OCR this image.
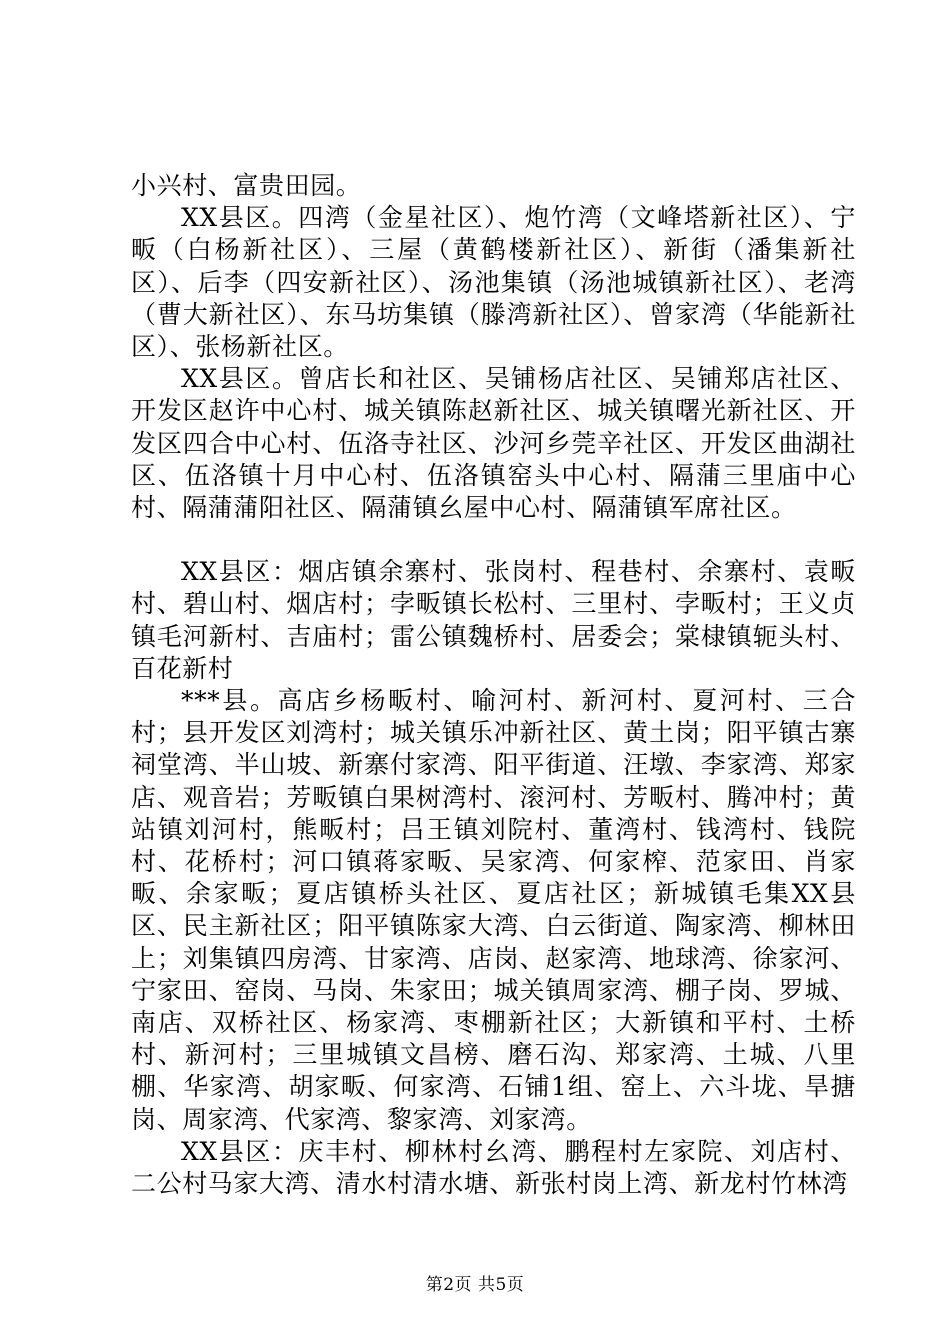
小兴村、富贵田园。

XX县区。四湾（金星社区）、炮竹湾（文峰塔新社区）、宁畈（白杨新社区）、三屋（黄鹤楼新社区）、新街（潘集新社区）、后李（四安新社区）、汤池集镇（汤池城镇新社区）、老湾（曹大新社区）、东马坊集镇（滕湾新社区）、曾家湾（华能新社区）、张杨新社区。

XX县区。曾店长和社区、吴铺杨店社区、吴铺郑店社区、开发区赵许中心村、城关镇陈赵新社区、城关镇曙光新社区、开发区四合中心村、伍洛寺社区、沙河乡莞辛社区、开发区曲湖社区、伍洛镇十月中心村、伍洛镇窑头中心村、隔蒲三里庙中心村、隔蒲蒲阳社区、隔蒲镇幺屋中心村、隔蒲镇军席社区。

XX县区：烟店镇余寨村、张岗村、程巷村、余寨村、袁畈村、碧山村、烟店村；孛畈镇长松村、三里村、孛畈村；王义贞镇毛河新村、吉庙村；雷公镇魏桥村、居委会；棠棣镇轭头村、百花新村

***县。高店乡杨畈村、喻河村、新河村、夏河村、三合村；县开发区刘湾村；城关镇乐冲新社区、黄土岗；阳平镇古寨祠堂湾、半山坡、新寨付家湾、阳平街道、汪墩、李家湾、郑家店、观音岩；芳畈镇白果树湾村、滚河村、芳畈村、腾冲村；黄站镇刘河村，熊畈村；吕王镇刘院村、董湾村、钱湾村、钱院村、花桥村；河口镇蒋家畈、吴家湾、何家榨、范家田、肖家畈、余家畈；夏店镇桥头社区、夏店社区；新城镇毛集XX县区、民主新社区；阳平镇陈家大湾、白云街道、陶家湾、柳林田上；刘集镇四房湾、甘家湾、店岗、赵家湾、地球湾、徐家河、宁家田、窑岗、马岗、朱家田；城关镇周家湾、棚子岗、罗城、南店、双桥社区、杨家湾、枣棚新社区；大新镇和平村、土桥村、新河村；三里城镇文昌榜、磨石沟、郑家湾、土城、八里棚、华家湾、胡家畈、何家湾、石铺1组、窑上、六斗垅、旱搪岗、周家湾、代家湾、黎家湾、刘家湾。

XX县区：庆丰村、柳林村幺湾、鹏程村左家院、刘店村、二公村马家大湾、清水村清水塘、新张村岗上湾、新龙村竹林湾

第2页 共5页
